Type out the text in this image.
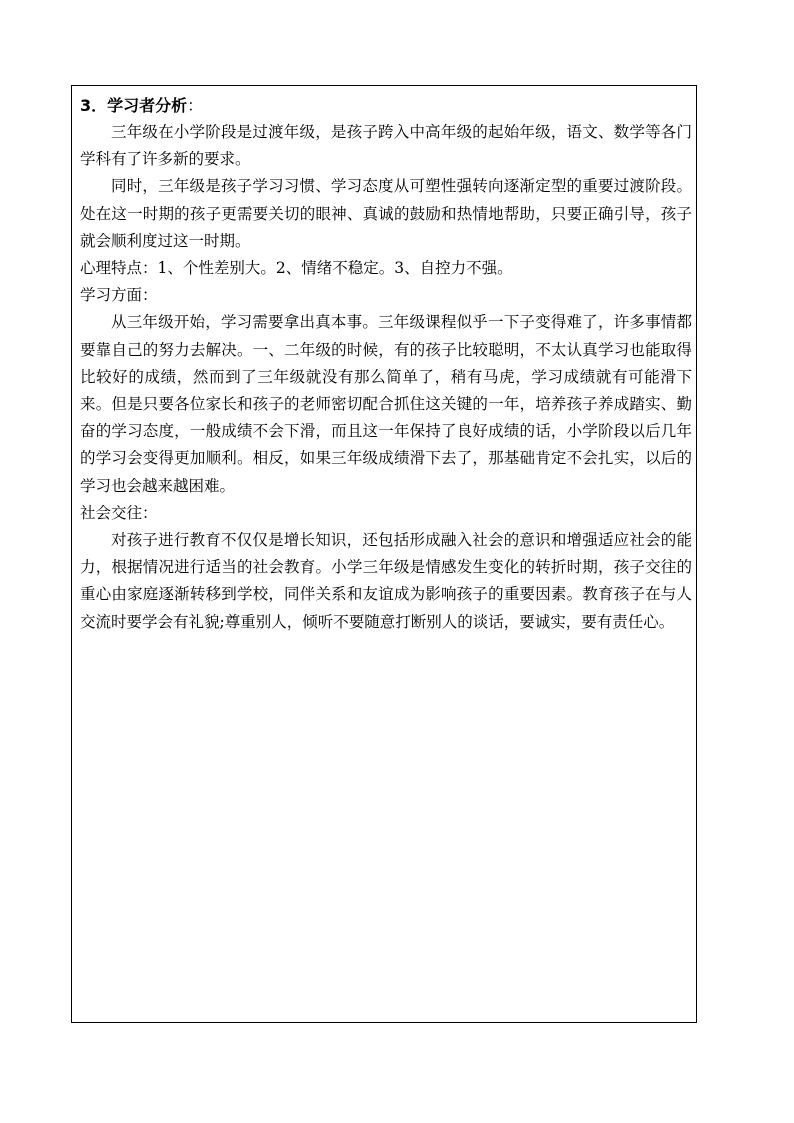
3．学习者分析：

三年级在小学阶段是过渡年级，是孩子跨入中高年级的起始年级，语文、数学等各门学科有了许多新的要求。

同时，三年级是孩子学习习惯、学习态度从可塑性强转向逐渐定型的重要过渡阶段。处在这一时期的孩子更需要关切的眼神、真诚的鼓励和热情地帮助，只要正确引导，孩子就会顺利度过这一时期。

心理特点：1、个性差别大。2、情绪不稳定。3、自控力不强。

学习方面：

从三年级开始，学习需要拿出真本事。三年级课程似乎一下子变得难了，许多事情都要靠自己的努力去解决。一、二年级的时候，有的孩子比较聪明，不太认真学习也能取得比较好的成绩，然而到了三年级就没有那么简单了，稍有马虎，学习成绩就有可能滑下来。但是只要各位家长和孩子的老师密切配合抓住这关键的一年，培养孩子养成踏实、勤奋的学习态度，一般成绩不会下滑，而且这一年保持了良好成绩的话，小学阶段以后几年的学习会变得更加顺利。相反，如果三年级成绩滑下去了，那基础肯定不会扎实，以后的学习也会越来越困难。

社会交往：

对孩子进行教育不仅仅是增长知识，还包括形成融入社会的意识和增强适应社会的能力，根据情况进行适当的社会教育。小学三年级是情感发生变化的转折时期，孩子交往的重心由家庭逐渐转移到学校，同伴关系和友谊成为影响孩子的重要因素。教育孩子在与人交流时要学会有礼貌;尊重别人，倾听不要随意打断别人的谈话，要诚实，要有责任心。
